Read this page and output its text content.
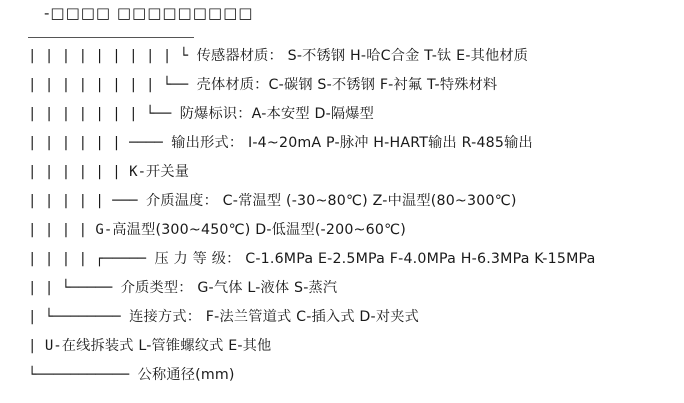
-□□□□ □□□□□□□□□
| | | | | | | | | └ 传感器材质： S-不锈钢 H-哈C合金 T-钛 E-其他材质
| | | | | | | | └── 壳体材质：C-碳钢 S-不锈钢 F-衬氟 T-特殊材料
| | | | | | | └── 防爆标识：A-本安型 D-隔爆型
| | | | | | ──── 输出形式： I-4~20mA P-脉冲 H-HART输出 R-485输出
| | | | | | K-开关量
| | | | | ─── 介质温度： C-常温型 (-30~80℃) Z-中温型(80~300℃)
| | | | G-高温型(300~450℃) D-低温型(-200~60℃)
| | | | ┌───── 压 力 等 级： C-1.6MPa E-2.5MPa F-4.0MPa H-6.3MPa K-15MPa
| | └───── 介质类型： G-气体 L-液体 S-蒸汽
| └──────── 连接方式： F-法兰管道式 C-插入式 D-对夹式
| U-在线拆装式 L-管锥螺纹式 E-其他
└─────────── 公称通径(mm)
